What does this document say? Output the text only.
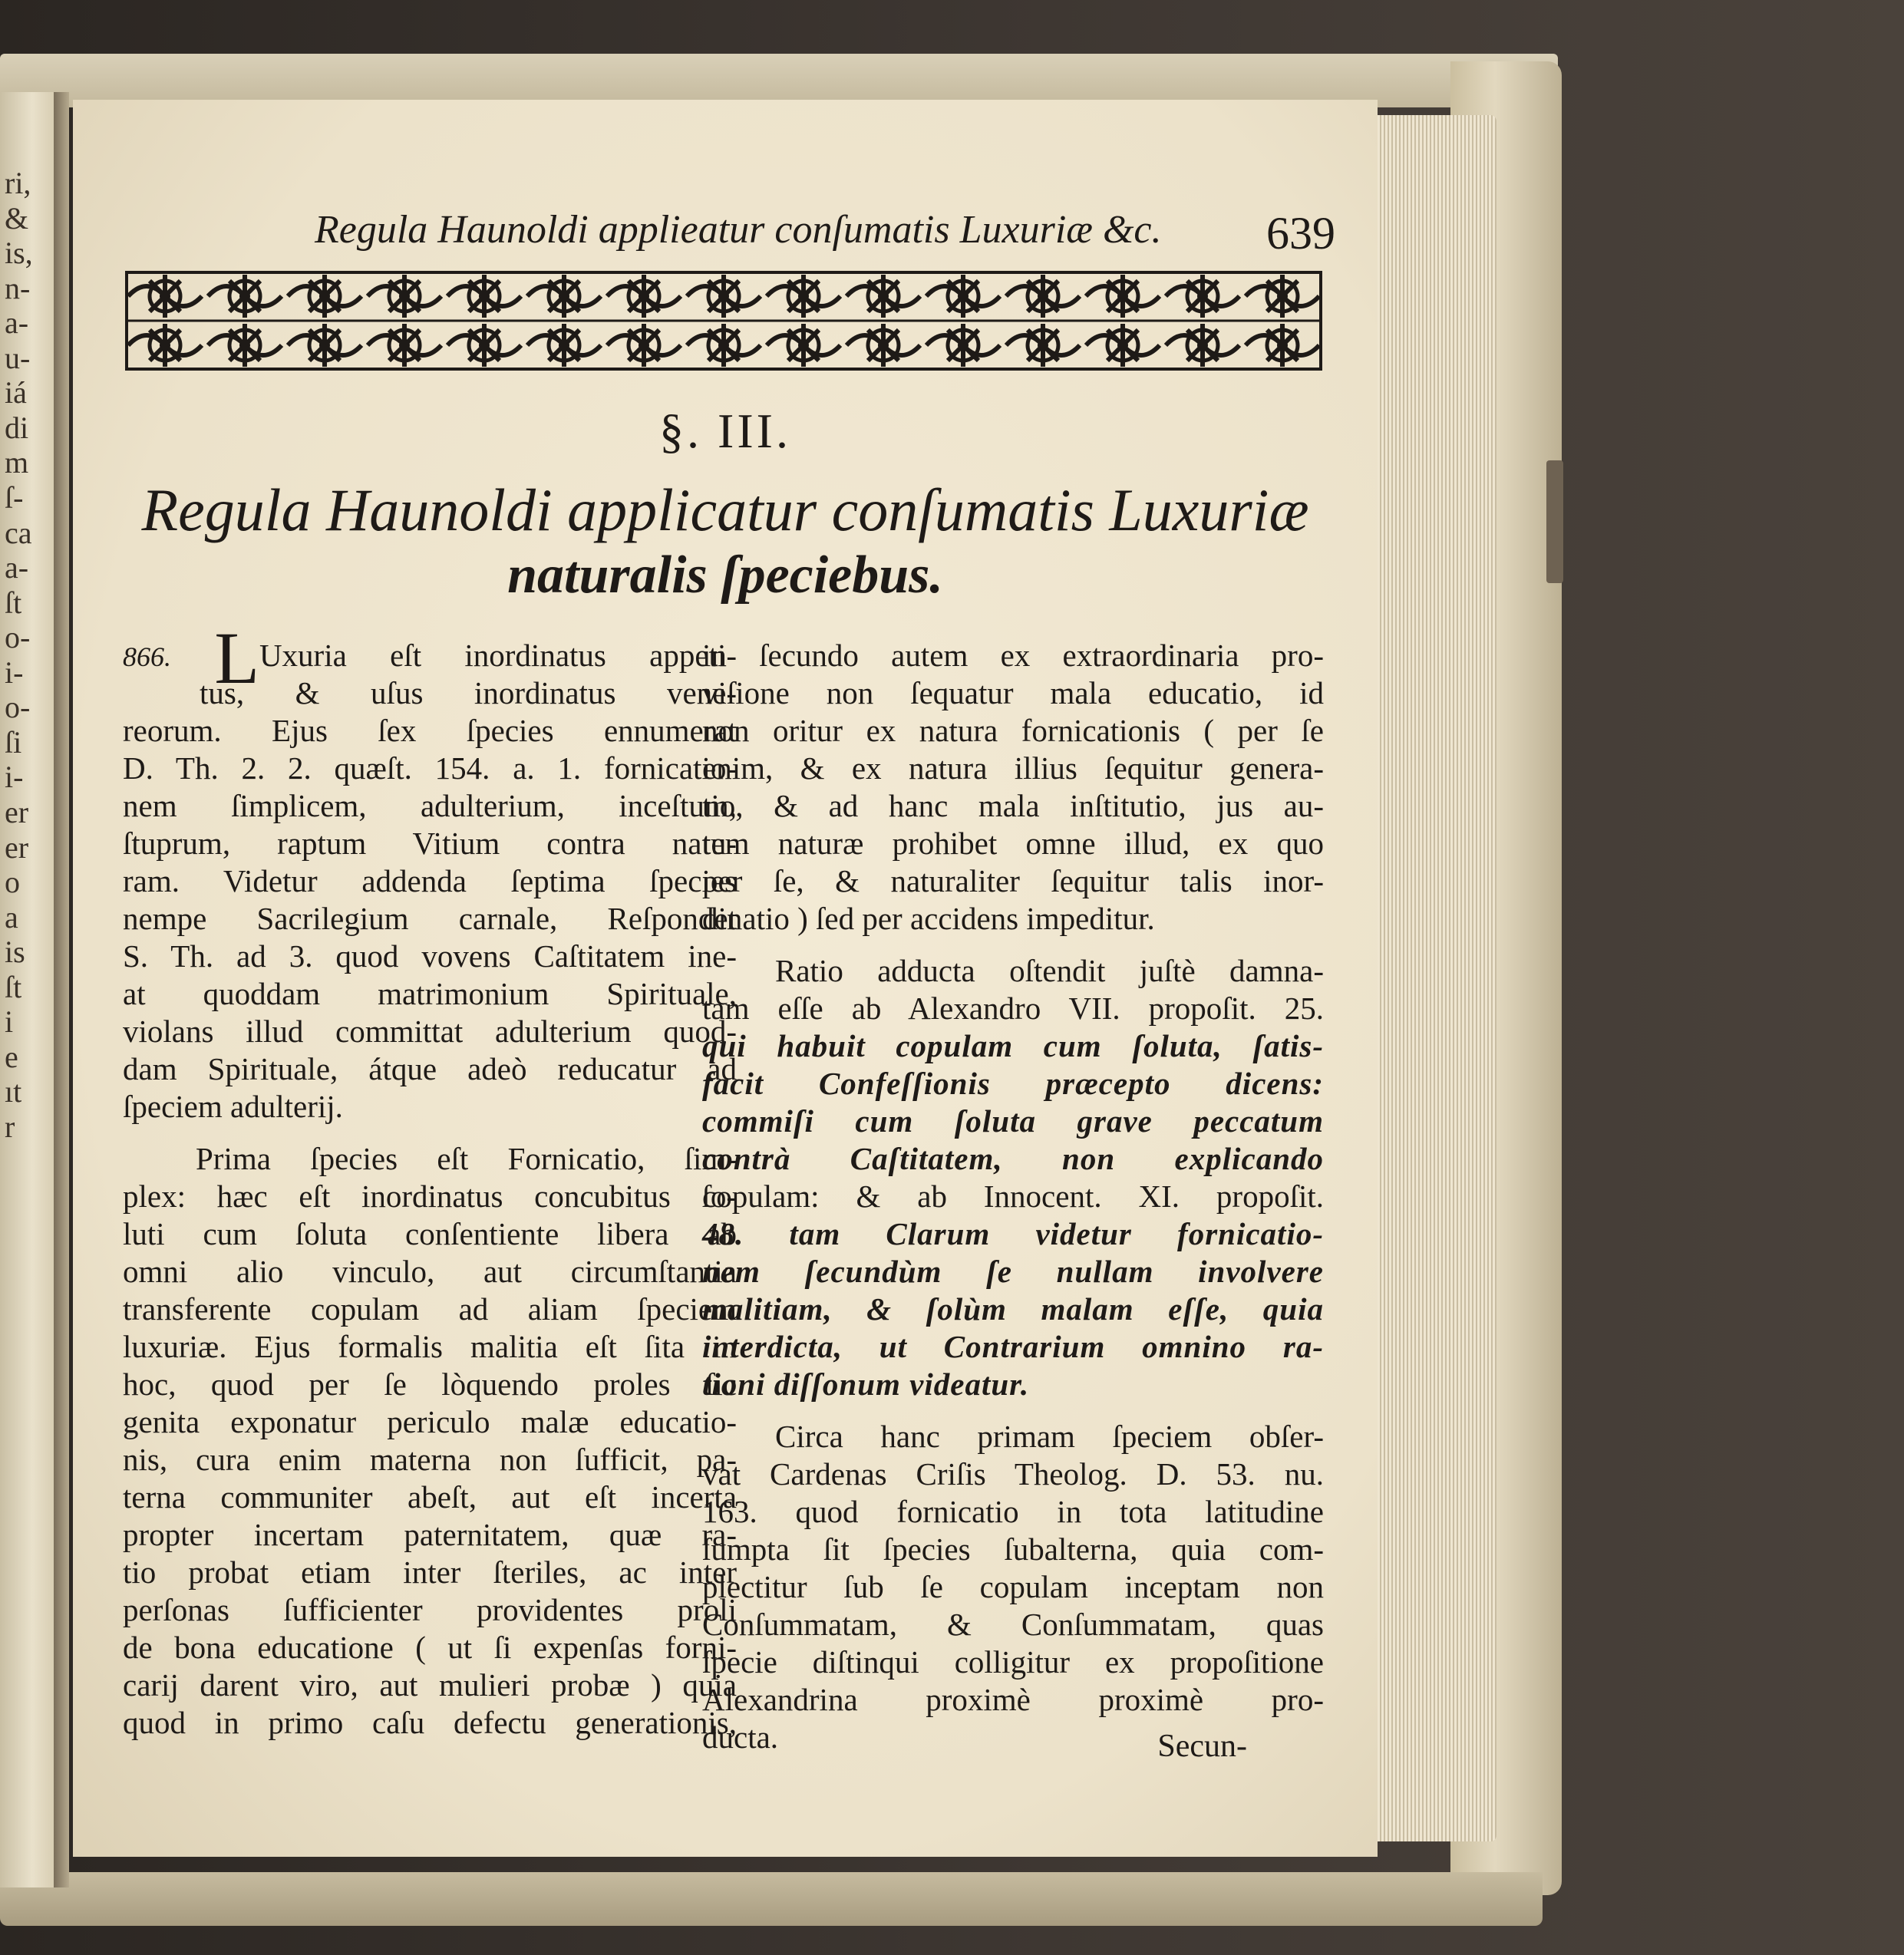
ri,
&
is,
n-
a-
u-
iá
di
m
ſ-
ca
a-
ſt
o-
i-
o-
ſi
i-
er
er
o
a
is
ſt
i
e
ıt
r
Regula Haunoldi applieatur conſumatis Luxuriæ &c. 639
§. III.
Regula Haunoldi applicatur conſumatis Luxuriæ
naturalis ſpeciebus.
866. LUxuria eſt inordinatus appeti-
tus, & uſus inordinatus vene-
reorum. Ejus ſex ſpecies ennumerat
D. Th. 2. 2. quæſt. 154. a. 1. fornicatio-
nem ſimplicem, adulterium, inceſtum,
ſtuprum, raptum Vitium contra natu-
ram. Videtur addenda ſeptima ſpecies
nempe Sacrilegium carnale, Reſpondet
S. Th. ad 3. quod vovens Caſtitatem ine-
at quoddam matrimonium Spirituale,
violans illud committat adulterium quod-
dam Spirituale, átque adeò reducatur ad
ſpeciem adulterij.
Prima ſpecies eſt Fornicatio, ſim-
plex: hæc eſt inordinatus concubitus ſo-
luti cum ſoluta conſentiente libera ab
omni alio vinculo, aut circumſtantia
transferente copulam ad aliam ſpeciem
luxuriæ. Ejus formalis malitia eſt ſita in
hoc, quod per ſe lòquendo proles ſic
genita exponatur periculo malæ educatio-
nis, cura enim materna non ſufficit, pa-
terna communiter abeſt, aut eſt incerta
propter incertam paternitatem, quæ ra-
tio probat etiam inter ſteriles, ac inter
perſonas ſufficienter providentes proli
de bona educatione ( ut ſi expenſas forni-
carij darent viro, aut mulieri probæ ) quia
quod in primo caſu defectu generationis,
in ſecundo autem ex extraordinaria pro-
viſione non ſequatur mala educatio, id
non oritur ex natura fornicationis ( per ſe
enim, & ex natura illius ſequitur genera-
tio, & ad hanc mala inſtitutio, jus au-
tem naturæ prohibet omne illud, ex quo
per ſe, & naturaliter ſequitur talis inor-
dinatio ) ſed per accidens impeditur.
Ratio adducta oſtendit juſtè damna-
tam eſſe ab Alexandro VII. propoſit. 25.
qui habuit copulam cum ſoluta, ſatis-
facit Confeſſionis præcepto dicens:
commiſi cum ſoluta grave peccatum
contrà Caſtitatem, non explicando
copulam: & ab Innocent. XI. propoſit.
48. tam Clarum videtur fornicatio-
nem ſecundùm ſe nullam involvere
malitiam, & ſolùm malam eſſe, quia
interdicta, ut Contrarium omnino ra-
tioni diſſonum videatur.
Circa hanc primam ſpeciem obſer-
vat Cardenas Criſis Theolog. D. 53. nu.
163. quod fornicatio in tota latitudine
ſumpta ſit ſpecies ſubalterna, quia com-
plectitur ſub ſe copulam inceptam non
Conſummatam, & Conſummatam, quas
ſpecie diſtinqui colligitur ex propoſitione
Alexandrina proximè proximè pro-
ducta.	Secun-
